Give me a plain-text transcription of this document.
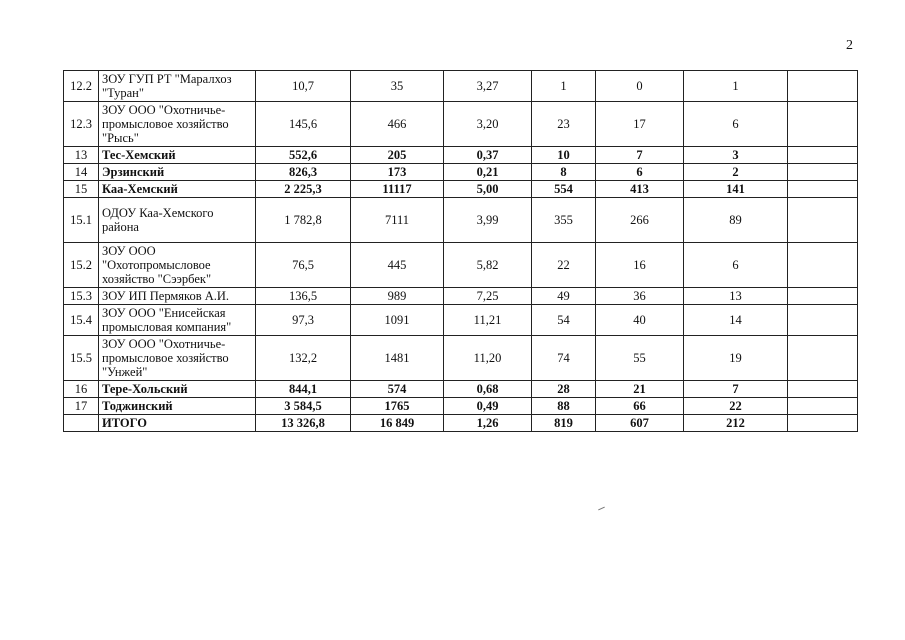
2
12.2	ЗОУ ГУП РТ "Маралхоз "Туран"	10,7	35	3,27	1	0	1	
12.3	ЗОУ ООО "Охотничье-промысловое хозяйство "Рысь"	145,6	466	3,20	23	17	6	
13	Тес-Хемский	552,6	205	0,37	10	7	3	
14	Эрзинский	826,3	173	0,21	8	6	2	
15	Каа-Хемский	2 225,3	11117	5,00	554	413	141	
15.1	ОДОУ Каа-Хемского района	1 782,8	7111	3,99	355	266	89	
15.2	ЗОУ ООО "Охотопромысловое хозяйство "Сээрбек"	76,5	445	5,82	22	16	6	
15.3	ЗОУ ИП Пермяков А.И.	136,5	989	7,25	49	36	13	
15.4	ЗОУ ООО "Енисейская промысловая компания"	97,3	1091	11,21	54	40	14	
15.5	ЗОУ ООО "Охотничье-промысловое хозяйство "Унжей"	132,2	1481	11,20	74	55	19	
16	Тере-Хольский	844,1	574	0,68	28	21	7	
17	Тоджинский	3 584,5	1765	0,49	88	66	22	
	ИТОГО	13 326,8	16 849	1,26	819	607	212	
